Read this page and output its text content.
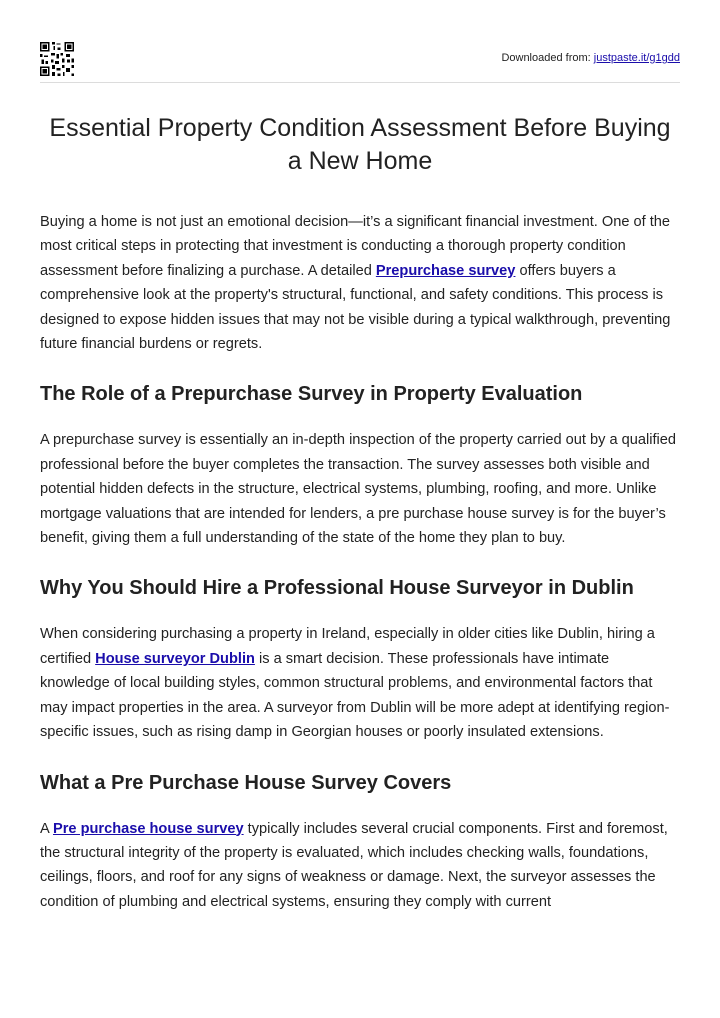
Downloaded from: justpaste.it/g1gdd
Essential Property Condition Assessment Before Buying a New Home

Buying a home is not just an emotional decision—it’s a significant financial investment. One of the most critical steps in protecting that investment is conducting a thorough property condition assessment before finalizing a purchase. A detailed Prepurchase survey offers buyers a comprehensive look at the property's structural, functional, and safety conditions. This process is designed to expose hidden issues that may not be visible during a typical walkthrough, preventing future financial burdens or regrets.

The Role of a Prepurchase Survey in Property Evaluation

A prepurchase survey is essentially an in-depth inspection of the property carried out by a qualified professional before the buyer completes the transaction. The survey assesses both visible and potential hidden defects in the structure, electrical systems, plumbing, roofing, and more. Unlike mortgage valuations that are intended for lenders, a pre purchase house survey is for the buyer’s benefit, giving them a full understanding of the state of the home they plan to buy.

Why You Should Hire a Professional House Surveyor in Dublin

When considering purchasing a property in Ireland, especially in older cities like Dublin, hiring a certified House surveyor Dublin is a smart decision. These professionals have intimate knowledge of local building styles, common structural problems, and environmental factors that may impact properties in the area. A surveyor from Dublin will be more adept at identifying region-specific issues, such as rising damp in Georgian houses or poorly insulated extensions.

What a Pre Purchase House Survey Covers

A Pre purchase house survey typically includes several crucial components. First and foremost, the structural integrity of the property is evaluated, which includes checking walls, foundations, ceilings, floors, and roof for any signs of weakness or damage. Next, the surveyor assesses the condition of plumbing and electrical systems, ensuring they comply with current
